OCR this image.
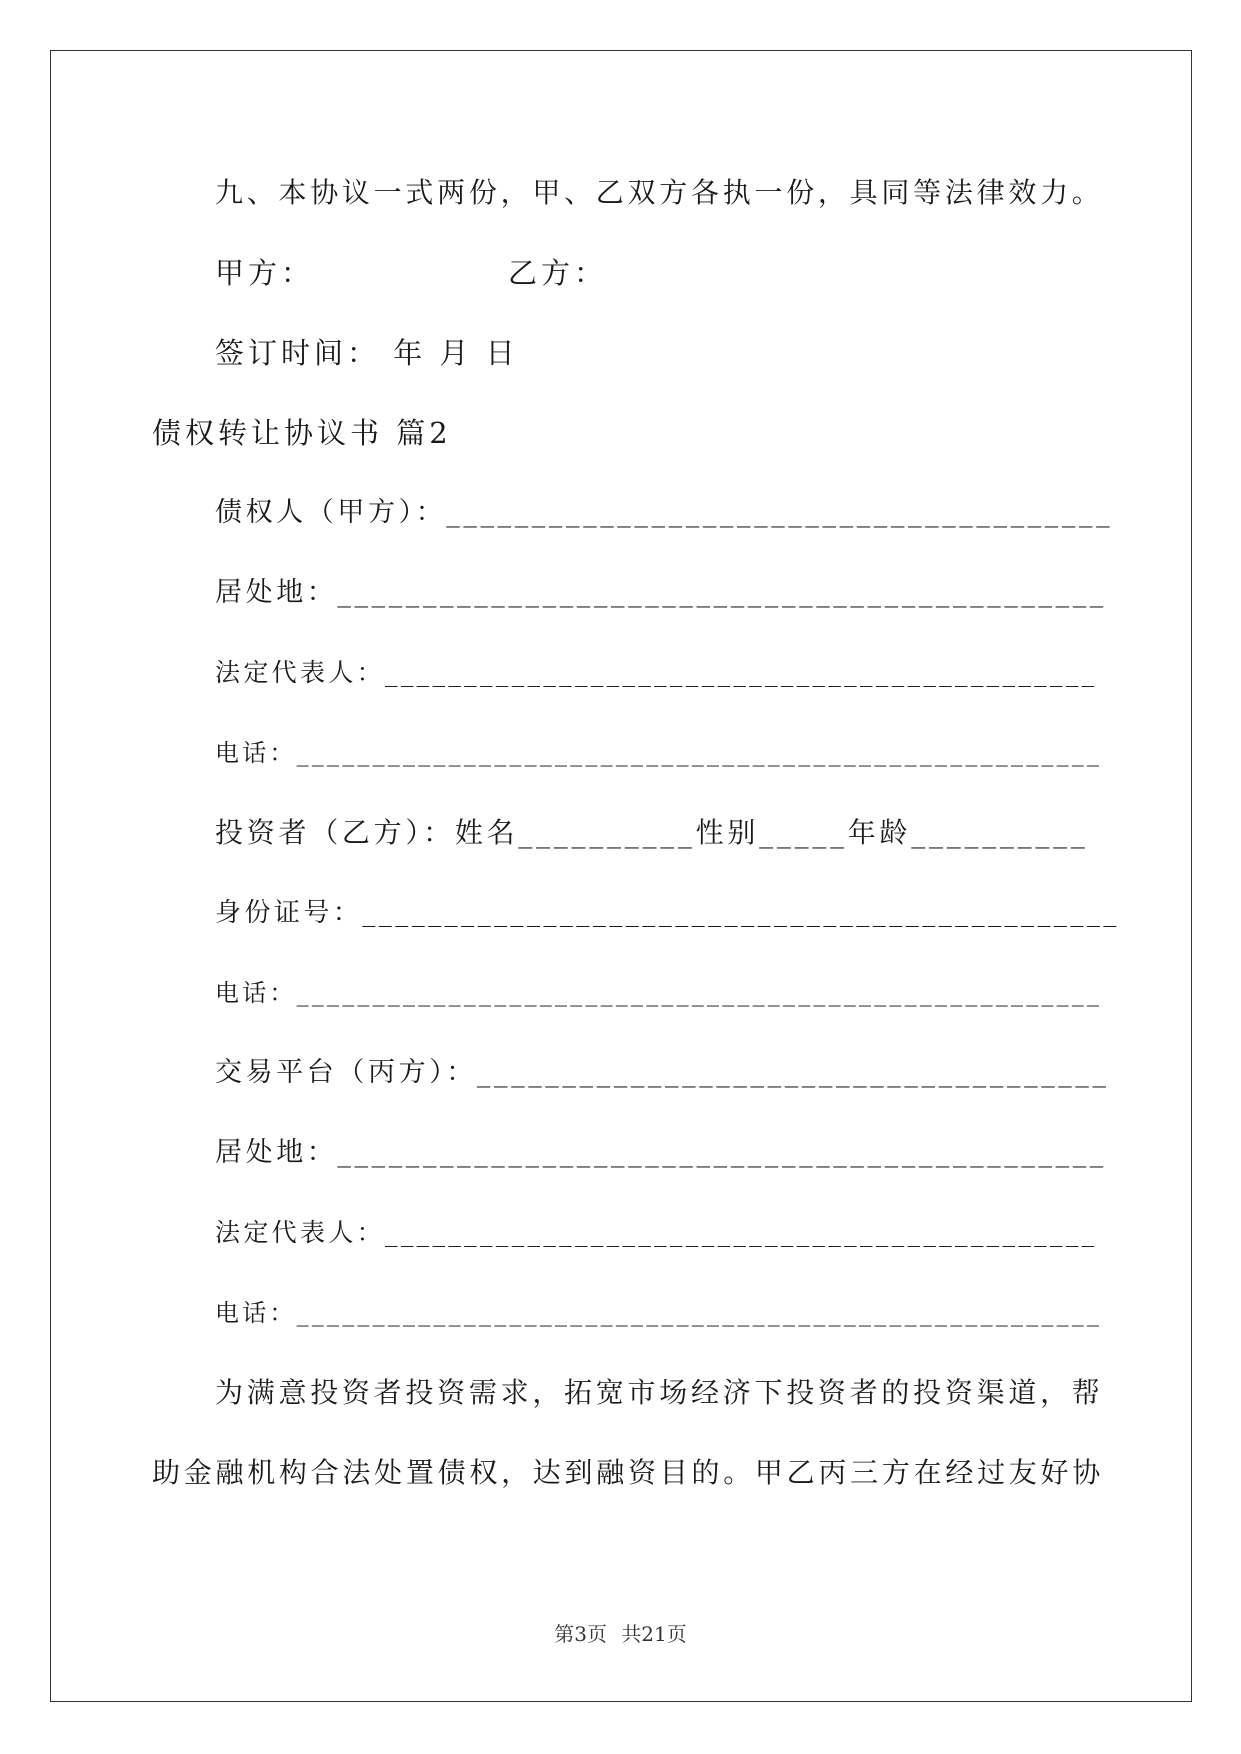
九、本协议一式两份，甲、乙双方各执一份，具同等法律效力。
甲方：	乙方：
签订时间： 年 月 日
债权转让协议书 篇2
债权人（甲方）：_______________________________________
居处地：_____________________________________________
法定代表人：_____________________________________________
电话：_____________________________________________________
投资者（乙方）：姓名__________性别_____年龄__________
身份证号：______________________________________________
电话：_____________________________________________________
交易平台（丙方）：_____________________________________
居处地：_____________________________________________
法定代表人：_____________________________________________
电话：_____________________________________________________
为满意投资者投资需求，拓宽市场经济下投资者的投资渠道，帮
助金融机构合法处置债权，达到融资目的。甲乙丙三方在经过友好协
第3页 共21页
